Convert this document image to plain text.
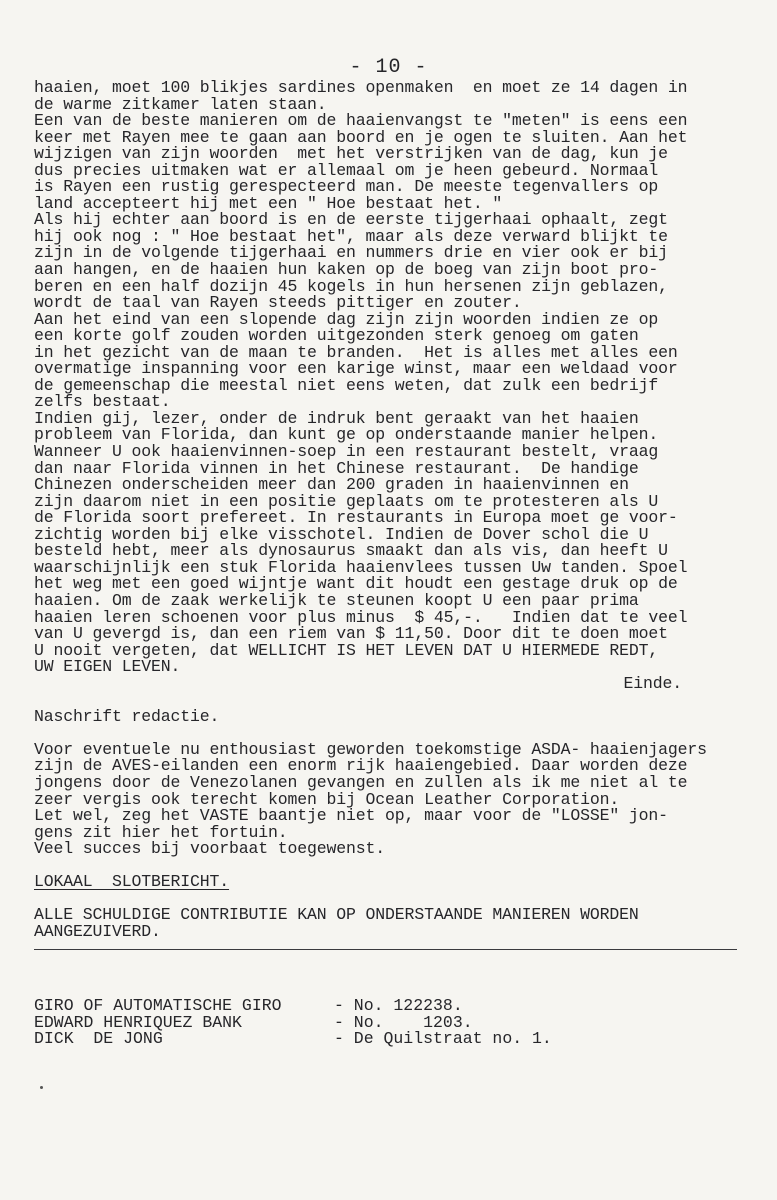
- 10 -
haaien, moet 100 blikjes sardines openmaken  en moet ze 14 dagen in
de warme zitkamer laten staan.
Een van de beste manieren om de haaienvangst te "meten" is eens een
keer met Rayen mee te gaan aan boord en je ogen te sluiten. Aan het
wijzigen van zijn woorden  met het verstrijken van de dag, kun je
dus precies uitmaken wat er allemaal om je heen gebeurd. Normaal
is Rayen een rustig gerespecteerd man. De meeste tegenvallers op
land accepteert hij met een " Hoe bestaat het. "
Als hij echter aan boord is en de eerste tijgerhaai ophaalt, zegt
hij ook nog : " Hoe bestaat het", maar als deze verward blijkt te
zijn in de volgende tijgerhaai en nummers drie en vier ook er bij
aan hangen, en de haaien hun kaken op de boeg van zijn boot pro-
beren en een half dozijn 45 kogels in hun hersenen zijn geblazen,
wordt de taal van Rayen steeds pittiger en zouter.
Aan het eind van een slopende dag zijn zijn woorden indien ze op
een korte golf zouden worden uitgezonden sterk genoeg om gaten
in het gezicht van de maan te branden.  Het is alles met alles een
overmatige inspanning voor een karige winst, maar een weldaad voor
de gemeenschap die meestal niet eens weten, dat zulk een bedrijf
zelfs bestaat.
Indien gij, lezer, onder de indruk bent geraakt van het haaien
probleem van Florida, dan kunt ge op onderstaande manier helpen.
Wanneer U ook haaienvinnen-soep in een restaurant bestelt, vraag
dan naar Florida vinnen in het Chinese restaurant.  De handige
Chinezen onderscheiden meer dan 200 graden in haaienvinnen en
zijn daarom niet in een positie geplaats om te protesteren als U
de Florida soort prefereet. In restaurants in Europa moet ge voor-
zichtig worden bij elke visschotel. Indien de Dover schol die U
besteld hebt, meer als dynosaurus smaakt dan als vis, dan heeft U
waarschijnlijk een stuk Florida haaienvlees tussen Uw tanden. Spoel
het weg met een goed wijntje want dit houdt een gestage druk op de
haaien. Om de zaak werkelijk te steunen koopt U een paar prima
haaien leren schoenen voor plus minus  $ 45,-.   Indien dat te veel
van U gevergd is, dan een riem van $ 11,50. Door dit te doen moet
U nooit vergeten, dat WELLICHT IS HET LEVEN DAT U HIERMEDE REDT,
UW EIGEN LEVEN.
Einde.
Naschrift redactie.
Voor eventuele nu enthousiast geworden toekomstige ASDA- haaienjagers
zijn de AVES-eilanden een enorm rijk haaiengebied. Daar worden deze
jongens door de Venezolanen gevangen en zullen als ik me niet al te
zeer vergis ook terecht komen bij Ocean Leather Corporation.
Let wel, zeg het VASTE baantje niet op, maar voor de "LOSSE" jon-
gens zit hier het fortuin.
Veel succes bij voorbaat toegewenst.
LOKAAL  SLOTBERICHT.
ALLE SCHULDIGE CONTRIBUTIE KAN OP ONDERSTAANDE MANIEREN WORDEN
AANGEZUIVERD.
GIRO OF AUTOMATISCHE GIRO	- No. 122238.
EDWARD HENRIQUEZ BANK	- No.    1203.
DICK  DE JONG	- De Quilstraat no. 1.
